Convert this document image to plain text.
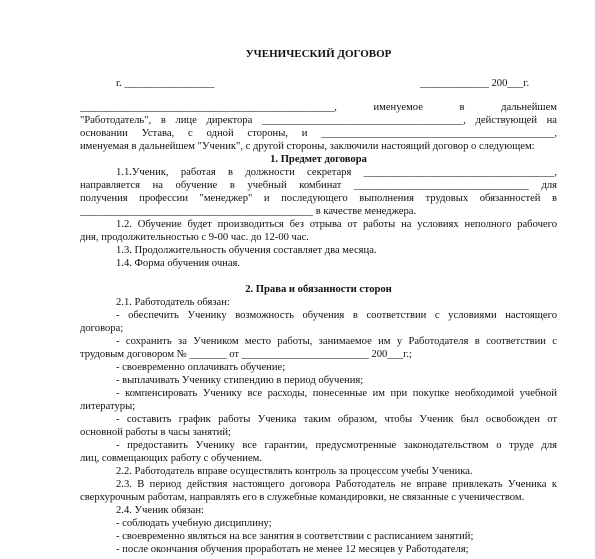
УЧЕНИЧЕСКИЙ ДОГОВОР
г. _________________	_____________ 200___г.
________________________________________________, именуемое в дальнейшем
"Работодатель", в лице директора ______________________________________, действующей на
основании Устава, с одной стороны, и ____________________________________________,
именуемая в дальнейшем "Ученик", с другой стороны, заключили настоящий договор о следующем:
1. Предмет договора
1.1.Ученик, работая в должности секретаря ____________________________________,
направляется на обучение в учебный комбинат _________________________________ для
получения профессии "менеджер" и последующего выполнения трудовых обязанностей в
____________________________________________ в качестве менеджера.
1.2. Обучение будет производиться без отрыва от работы на условиях неполного рабочего
дня, продолжительностью с 9-00 час. до 12-00 час.
1.3. Продолжительность обучения составляет два месяца.
1.4. Форма обучения очная.
2. Права и обязанности сторон
2.1. Работодатель обязан:
- обеспечить Ученику возможность обучения в соответствии с условиями настоящего
договора;
- сохранить за Учеником место работы, занимаемое им у Работодателя в соответствии с
трудовым договором № _______ от ________________________ 200___г.;
- своевременно оплачивать обучение;
- выплачивать Ученику стипендию в период обучения;
- компенсировать Ученику все расходы, понесенные им при покупке необходимой учебной
литературы;
- составить график работы Ученика таким образом, чтобы Ученик был освобожден от
основной работы в часы занятий;
- предоставить Ученику все гарантии, предусмотренные законодательством о труде для
лиц, совмещающих работу с обучением.
2.2. Работодатель вправе осуществлять контроль за процессом учебы Ученика.
2.3. В период действия настоящего договора Работодатель не вправе привлекать Ученика к
сверхурочным работам, направлять его в служебные командировки, не связанные с ученичеством.
2.4. Ученик обязан:
- соблюдать учебную дисциплину;
- своевременно являться на все занятия в соответствии с расписанием занятий;
- после окончания обучения проработать не менее 12 месяцев у Работодателя;
